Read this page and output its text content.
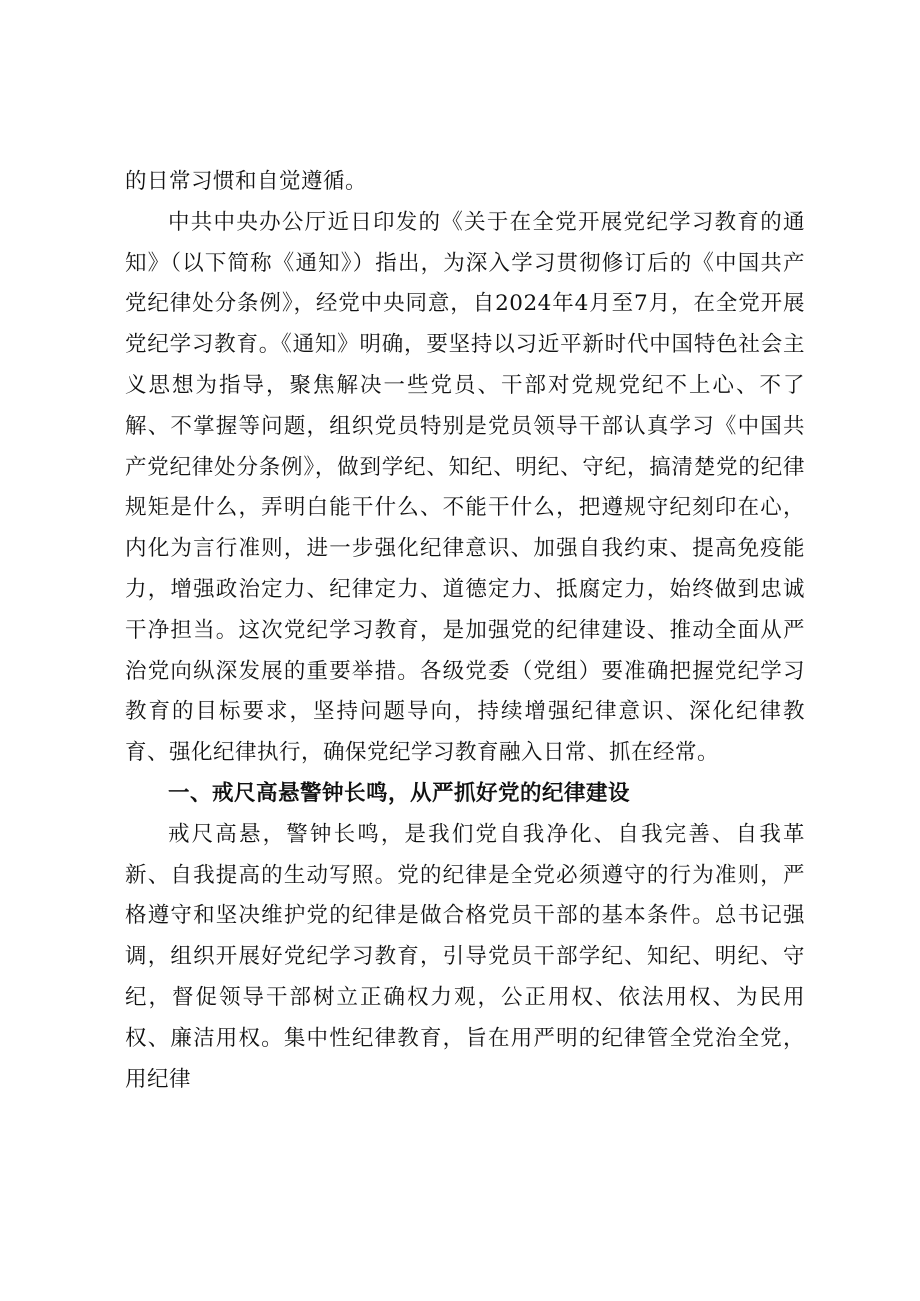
的日常习惯和自觉遵循。

中共中央办公厅近日印发的《关于在全党开展党纪学习教育的通知》（以下简称《通知》）指出，为深入学习贯彻修订后的《中国共产党纪律处分条例》，经党中央同意，自2024年4月至7月，在全党开展党纪学习教育。《通知》明确，要坚持以习近平新时代中国特色社会主义思想为指导，聚焦解决一些党员、干部对党规党纪不上心、不了解、不掌握等问题，组织党员特别是党员领导干部认真学习《中国共产党纪律处分条例》，做到学纪、知纪、明纪、守纪，搞清楚党的纪律规矩是什么，弄明白能干什么、不能干什么，把遵规守纪刻印在心，内化为言行准则，进一步强化纪律意识、加强自我约束、提高免疫能力，增强政治定力、纪律定力、道德定力、抵腐定力，始终做到忠诚干净担当。这次党纪学习教育，是加强党的纪律建设、推动全面从严治党向纵深发展的重要举措。各级党委（党组）要准确把握党纪学习教育的目标要求，坚持问题导向，持续增强纪律意识、深化纪律教育、强化纪律执行，确保党纪学习教育融入日常、抓在经常。

一、戒尺高悬警钟长鸣，从严抓好党的纪律建设

戒尺高悬，警钟长鸣，是我们党自我净化、自我完善、自我革新、自我提高的生动写照。党的纪律是全党必须遵守的行为准则，严格遵守和坚决维护党的纪律是做合格党员干部的基本条件。总书记强调，组织开展好党纪学习教育，引导党员干部学纪、知纪、明纪、守纪，督促领导干部树立正确权力观，公正用权、依法用权、为民用权、廉洁用权。集中性纪律教育，旨在用严明的纪律管全党治全党，用纪律
